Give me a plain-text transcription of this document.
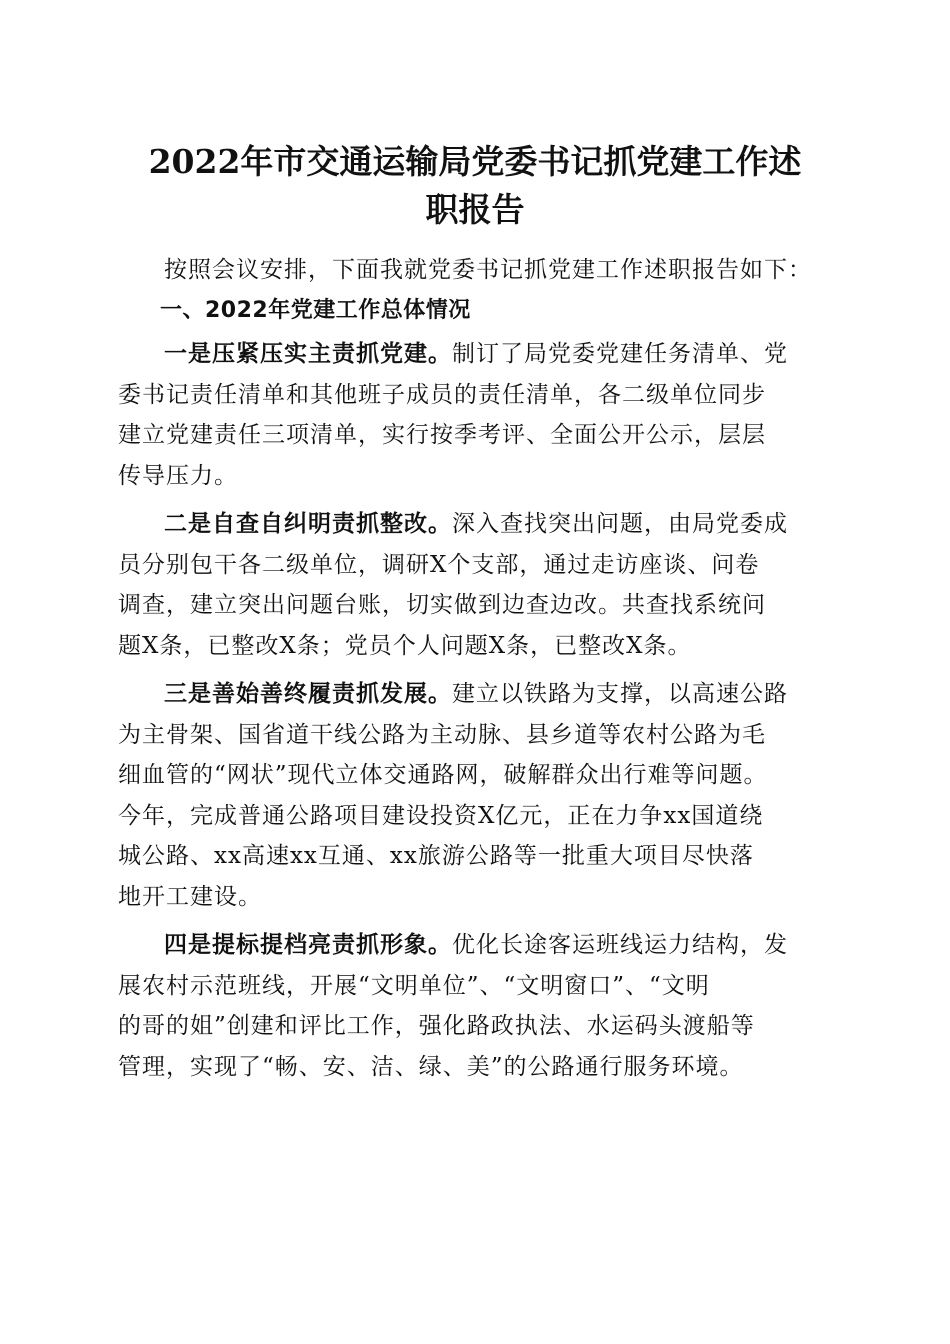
2022年市交通运输局党委书记抓党建工作述
职报告
按照会议安排，下面我就党委书记抓党建工作述职报告如下：
一、2022年党建工作总体情况
一是压紧压实主责抓党建。制订了局党委党建任务清单、党
委书记责任清单和其他班子成员的责任清单，各二级单位同步
建立党建责任三项清单，实行按季考评、全面公开公示，层层
传导压力。
二是自查自纠明责抓整改。深入查找突出问题，由局党委成
员分别包干各二级单位，调研X个支部，通过走访座谈、问卷
调查，建立突出问题台账，切实做到边查边改。共查找系统问
题X条，已整改X条；党员个人问题X条，已整改X条。
三是善始善终履责抓发展。建立以铁路为支撑，以高速公路
为主骨架、国省道干线公路为主动脉、县乡道等农村公路为毛
细血管的“网状”现代立体交通路网，破解群众出行难等问题。
今年，完成普通公路项目建设投资X亿元，正在力争xx国道绕
城公路、xx高速xx互通、xx旅游公路等一批重大项目尽快落
地开工建设。
四是提标提档亮责抓形象。优化长途客运班线运力结构，发
展农村示范班线，开展“文明单位”、“文明窗口”、“文明
的哥的姐”创建和评比工作，强化路政执法、水运码头渡船等
管理，实现了“畅、安、洁、绿、美”的公路通行服务环境。
